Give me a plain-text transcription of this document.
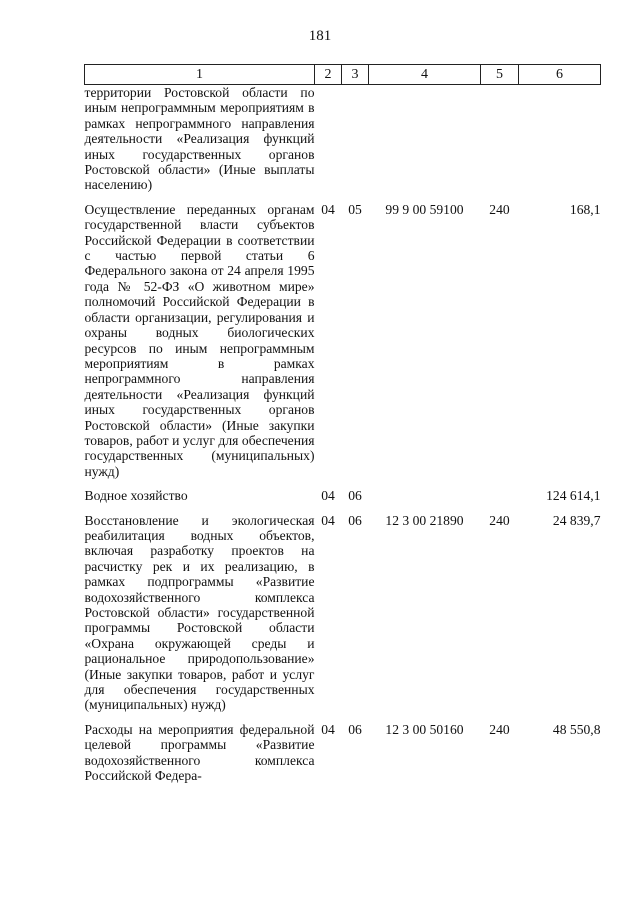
181
1	2	3	4	5	6
территории Ростовской области по иным непрограммным мероприятиям в рамках непрограммного направления деятельности «Реализация функций иных государственных органов Ростовской области» (Иные выплаты населению)					
Осуществление переданных органам государственной власти субъектов Российской Федерации в соответствии с частью первой статьи 6 Федерального закона от 24 апреля 1995 года № 52-ФЗ «О животном мире» полномочий Российской Федерации в области организации, регулирования и охраны водных биологических ресурсов по иным непрограммным мероприятиям в рамках непрограммного направления деятельности «Реализация функций иных государственных органов Ростовской области» (Иные закупки товаров, работ и услуг для обеспечения государственных (муниципальных) нужд)	04	05	99 9 00 59100	240	168,1
Водное хозяйство	04	06			124 614,1
Восстановление и экологическая реабилитация водных объектов, включая разработку проектов на расчистку рек и их реализацию, в рамках подпрограммы «Развитие водохозяйственного комплекса Ростовской области» государственной программы Ростовской области «Охрана окружающей среды и рациональное природопользование» (Иные закупки товаров, работ и услуг для обеспечения государственных (муниципальных) нужд)	04	06	12 3 00 21890	240	24 839,7
Расходы на мероприятия федеральной целевой программы «Развитие водохозяйственного комплекса Российской Федера-	04	06	12 3 00 50160	240	48 550,8
